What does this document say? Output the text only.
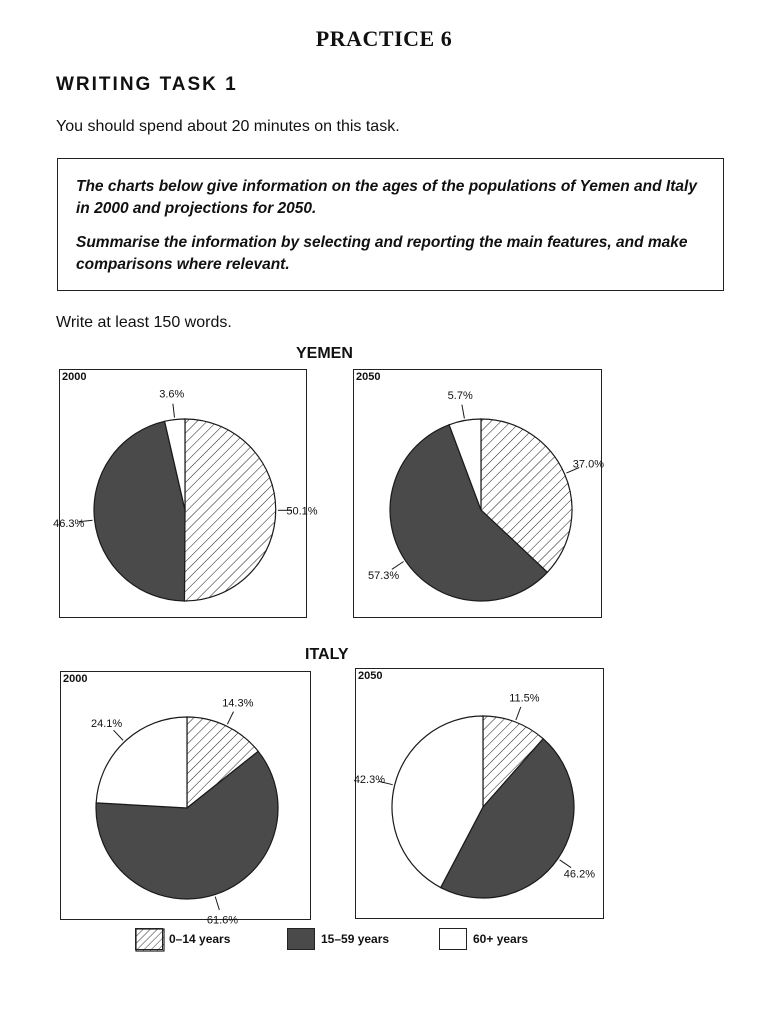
PRACTICE 6
WRITING TASK 1
You should spend about 20 minutes on this task.

The charts below give information on the ages of the populations of Yemen and Italy in 2000 and projections for 2050.

Summarise the information by selecting and reporting the main features, and make comparisons where relevant.

Write at least 150 words.
YEMEN
ITALY
2000
50.1%
46.3%
3.6%
2050
37.0%
57.3%
5.7%
2000
14.3%
61.6%
24.1%
2050
11.5%
46.2%
42.3%
0–14 years	15–59 years	60+ years
